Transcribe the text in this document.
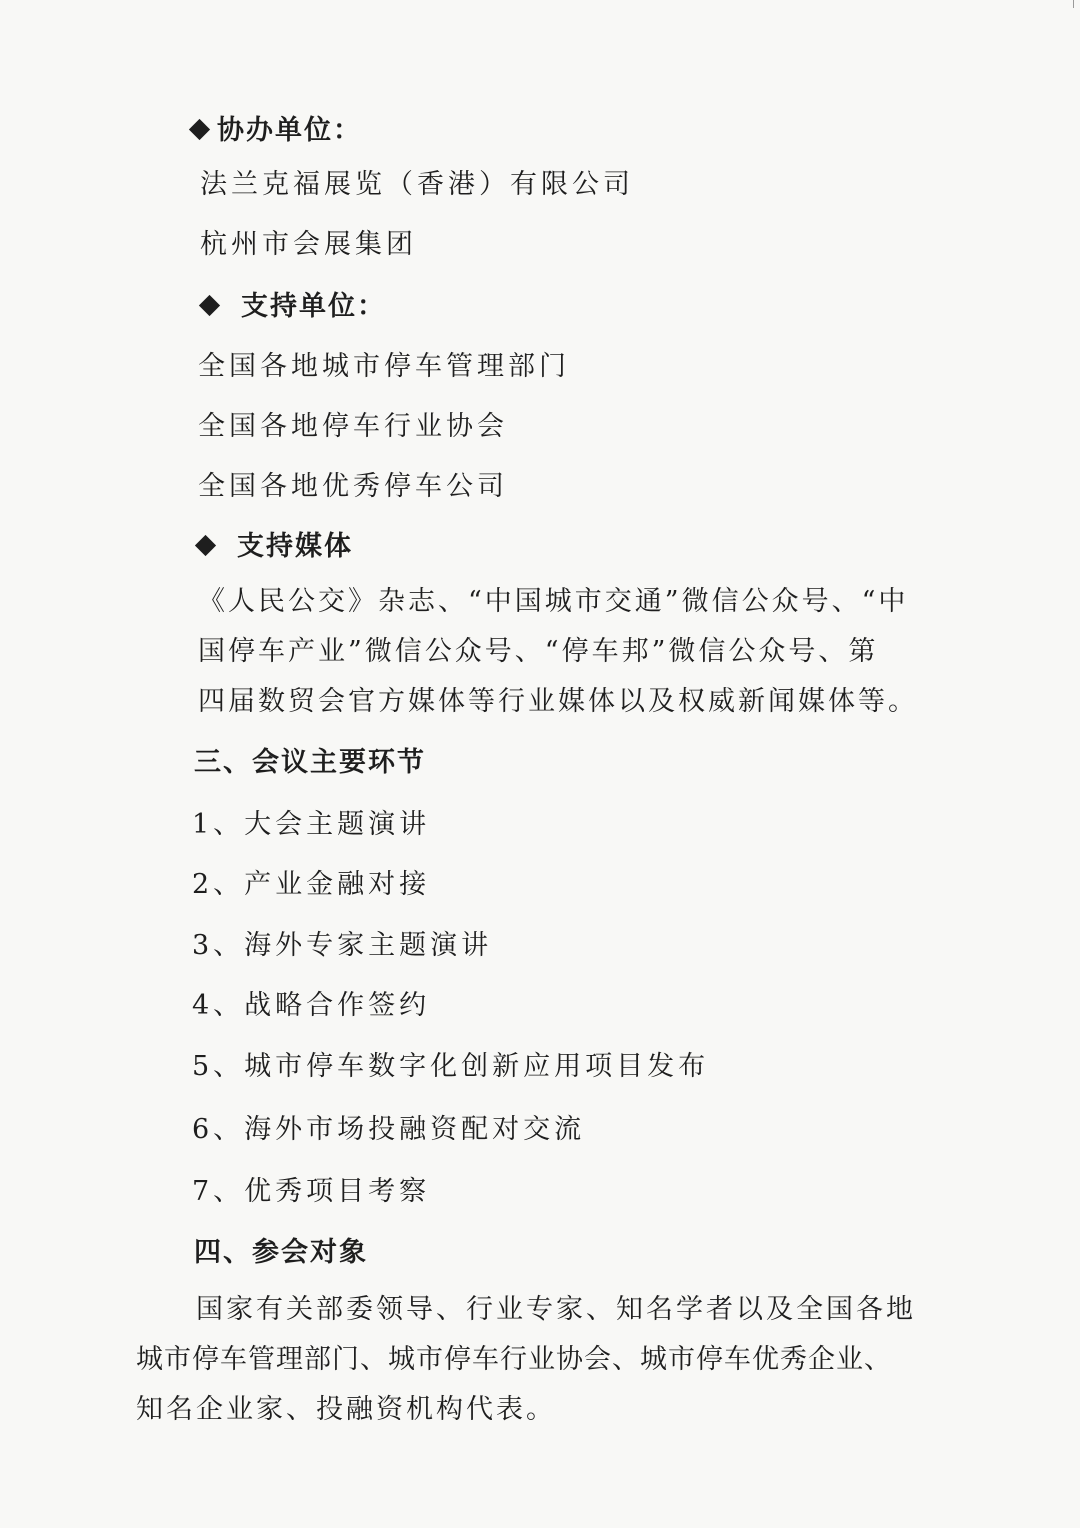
协办单位：
法兰克福展览（香港）有限公司
杭州市会展集团
支持单位：
全国各地城市停车管理部门
全国各地停车行业协会
全国各地优秀停车公司
支持媒体
《人民公交》杂志、“中国城市交通”微信公众号、“中
国停车产业”微信公众号、“停车邦”微信公众号、第
四届数贸会官方媒体等行业媒体以及权威新闻媒体等。
三、会议主要环节
1、大会主题演讲
2、产业金融对接
3、海外专家主题演讲
4、战略合作签约
5、城市停车数字化创新应用项目发布
6、海外市场投融资配对交流
7、优秀项目考察
四、参会对象
国家有关部委领导、行业专家、知名学者以及全国各地
城市停车管理部门、城市停车行业协会、城市停车优秀企业、
知名企业家、投融资机构代表。
